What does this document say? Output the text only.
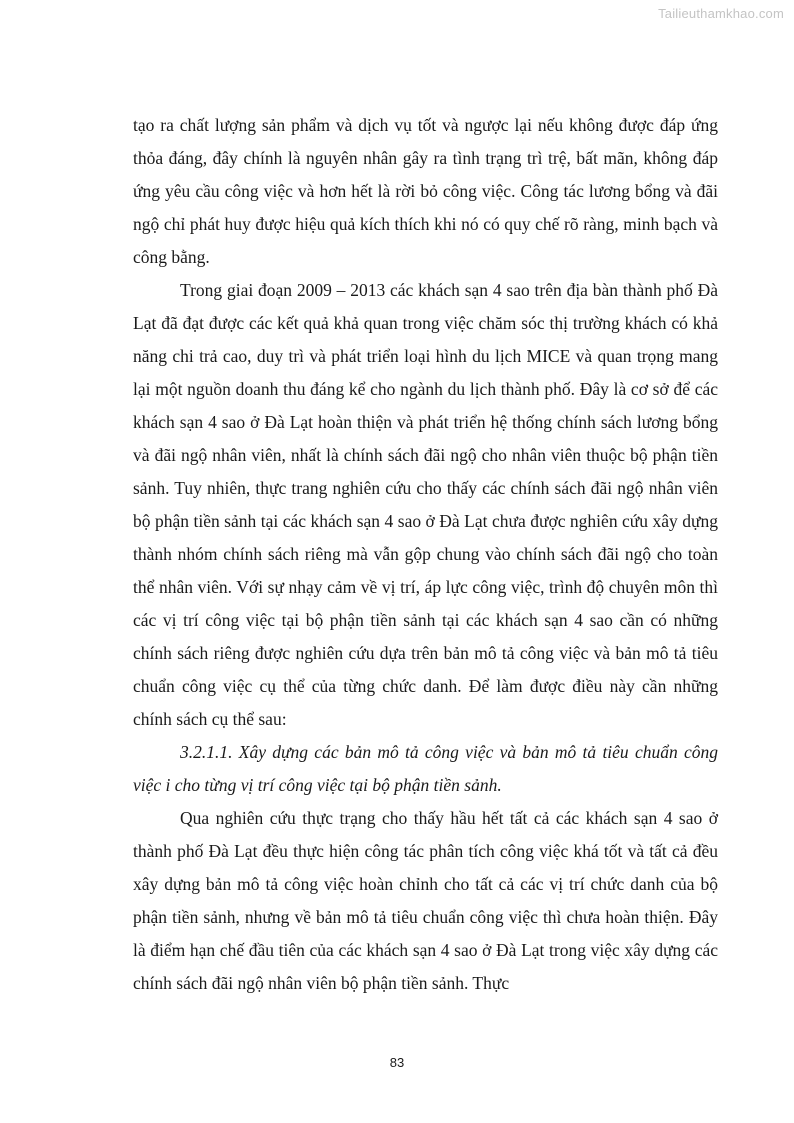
Tailieuthamkhao.com

tạo ra chất lượng sản phẩm và dịch vụ tốt và ngược lại nếu không được đáp ứng thỏa đáng, đây chính là nguyên nhân gây ra tình trạng trì trệ, bất mãn, không đáp ứng yêu cầu công việc và hơn hết là rời bỏ công việc. Công tác lương bổng và đãi ngộ chỉ phát huy được hiệu quả kích thích khi nó có quy chế rõ ràng, minh bạch và công bằng.

Trong giai đoạn 2009 – 2013 các khách sạn 4 sao trên địa bàn thành phố Đà Lạt đã đạt được các kết quả khả quan trong việc chăm sóc thị trường khách có khả năng chi trả cao, duy trì và phát triển loại hình du lịch MICE và quan trọng mang lại một nguồn doanh thu đáng kể cho ngành du lịch thành phố. Đây là cơ sở để các khách sạn 4 sao ở Đà Lạt hoàn thiện và phát triển hệ thống chính sách lương bổng và đãi ngộ nhân viên, nhất là chính sách đãi ngộ cho nhân viên thuộc bộ phận tiền sảnh. Tuy nhiên, thực trang nghiên cứu cho thấy các chính sách đãi ngộ nhân viên bộ phận tiền sảnh tại các khách sạn 4 sao ở Đà Lạt chưa được nghiên cứu xây dựng thành nhóm chính sách riêng mà vẫn gộp chung vào chính sách đãi ngộ cho toàn thể nhân viên. Với sự nhạy cảm về vị trí, áp lực công việc, trình độ chuyên môn thì các vị trí công việc tại bộ phận tiền sảnh tại các khách sạn 4 sao cần có những chính sách riêng được nghiên cứu dựa trên bản mô tả công việc và bản mô tả tiêu chuẩn công việc cụ thể của từng chức danh. Để làm được điều này cần những chính sách cụ thể sau:

3.2.1.1. Xây dựng các bản mô tả công việc và bản mô tả tiêu chuẩn công việc i cho từng vị trí công việc tại bộ phận tiền sảnh.

Qua nghiên cứu thực trạng cho thấy hầu hết tất cả các khách sạn 4 sao ở thành phố Đà Lạt đều thực hiện công tác phân tích công việc khá tốt và tất cả đều xây dựng bản mô tả công việc hoàn chỉnh cho tất cả các vị trí chức danh của bộ phận tiền sảnh, nhưng về bản mô tả tiêu chuẩn công việc thì chưa hoàn thiện. Đây là điểm hạn chế đầu tiên của các khách sạn 4 sao ở Đà Lạt trong việc xây dựng các chính sách đãi ngộ nhân viên bộ phận tiền sảnh. Thực

83
